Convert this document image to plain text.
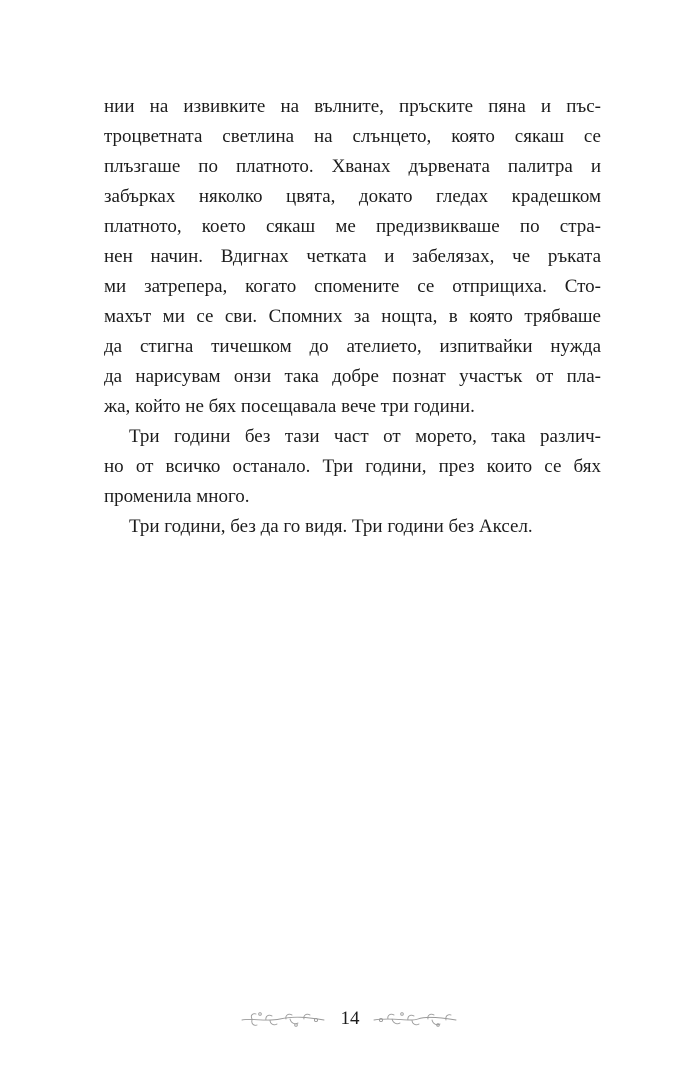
нии на извивките на вълните, пръските пяна и пъс-
троцветната светлина на слънцето, която сякаш се
плъзгаше по платното. Хванах дървената палитра и
забърках няколко цвята, докато гледах крадешком
платното, което сякаш ме предизвикваше по стра-
нен начин. Вдигнах четката и забелязах, че ръката
ми затрепера, когато спомените се отприщиха. Сто-
махът ми се сви. Спомних за нощта, в която трябваше
да стигна тичешком до ателието, изпитвайки нужда
да нарисувам онзи така добре познат участък от пла-
жа, който не бях посещавала вече три години.
Три години без тази част от морето, така различ-
но от всичко останало. Три години, през които се бях
променила много.
Три години, без да го видя. Три години без Аксел.
14
